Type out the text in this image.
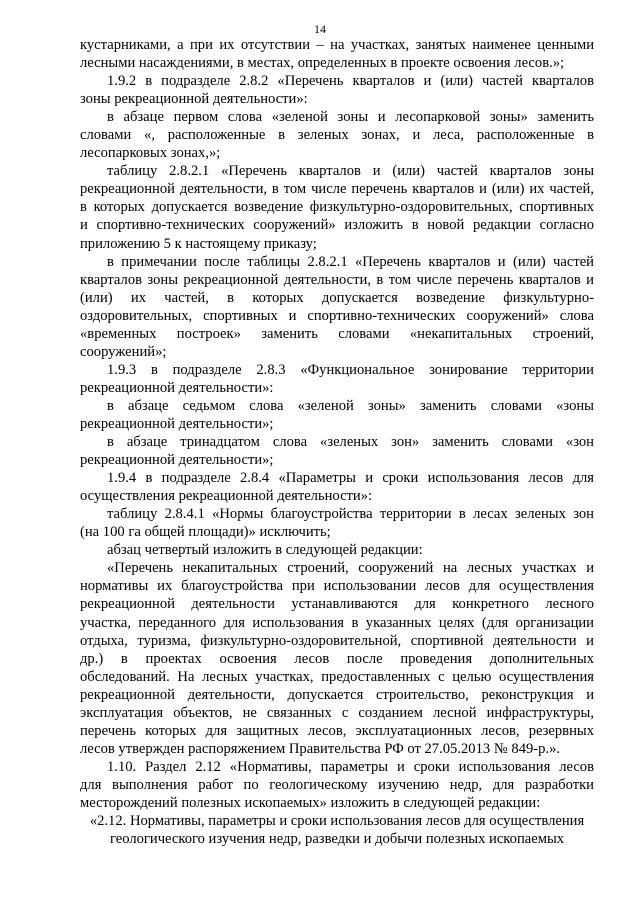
14
кустарниками, а при их отсутствии – на участках, занятых наименее ценными
лесными насаждениями, в местах, определенных в проекте освоения лесов.»;
1.9.2 в подразделе 2.8.2 «Перечень кварталов и (или) частей кварталов
зоны рекреационной деятельности»:
в абзаце первом слова «зеленой зоны и лесопарковой зоны» заменить
словами «, расположенные в зеленых зонах, и леса, расположенные в
лесопарковых зонах,»;
таблицу 2.8.2.1 «Перечень кварталов и (или) частей кварталов зоны
рекреационной деятельности, в том числе перечень кварталов и (или) их частей,
в которых допускается возведение физкультурно-оздоровительных, спортивных
и спортивно-технических сооружений» изложить в новой редакции согласно
приложению 5 к настоящему приказу;
в примечании после таблицы 2.8.2.1 «Перечень кварталов и (или) частей
кварталов зоны рекреационной деятельности, в том числе перечень кварталов и
(или) их частей, в которых допускается возведение физкультурно-
оздоровительных, спортивных и спортивно-технических сооружений» слова
«временных построек» заменить словами «некапитальных строений,
сооружений»;
1.9.3 в подразделе 2.8.3 «Функциональное зонирование территории
рекреационной деятельности»:
в абзаце седьмом слова «зеленой зоны» заменить словами «зоны
рекреационной деятельности»;
в абзаце тринадцатом слова «зеленых зон» заменить словами «зон
рекреационной деятельности»;
1.9.4 в подразделе 2.8.4 «Параметры и сроки использования лесов для
осуществления рекреационной деятельности»:
таблицу 2.8.4.1 «Нормы благоустройства территории в лесах зеленых зон
(на 100 га общей площади)» исключить;
абзац четвертый изложить в следующей редакции:
«Перечень некапитальных строений, сооружений на лесных участках и
нормативы их благоустройства при использовании лесов для осуществления
рекреационной деятельности устанавливаются для конкретного лесного
участка, переданного для использования в указанных целях (для организации
отдыха, туризма, физкультурно-оздоровительной, спортивной деятельности и
др.) в проектах освоения лесов после проведения дополнительных
обследований. На лесных участках, предоставленных с целью осуществления
рекреационной деятельности, допускается строительство, реконструкция и
эксплуатация объектов, не связанных с созданием лесной инфраструктуры,
перечень которых для защитных лесов, эксплуатационных лесов, резервных
лесов утвержден распоряжением Правительства РФ от 27.05.2013 № 849-р.».
1.10. Раздел 2.12 «Нормативы, параметры и сроки использования лесов
для выполнения работ по геологическому изучению недр, для разработки
месторождений полезных ископаемых» изложить в следующей редакции:
«2.12. Нормативы, параметры и сроки использования лесов для осуществления
геологического изучения недр, разведки и добычи полезных ископаемых
